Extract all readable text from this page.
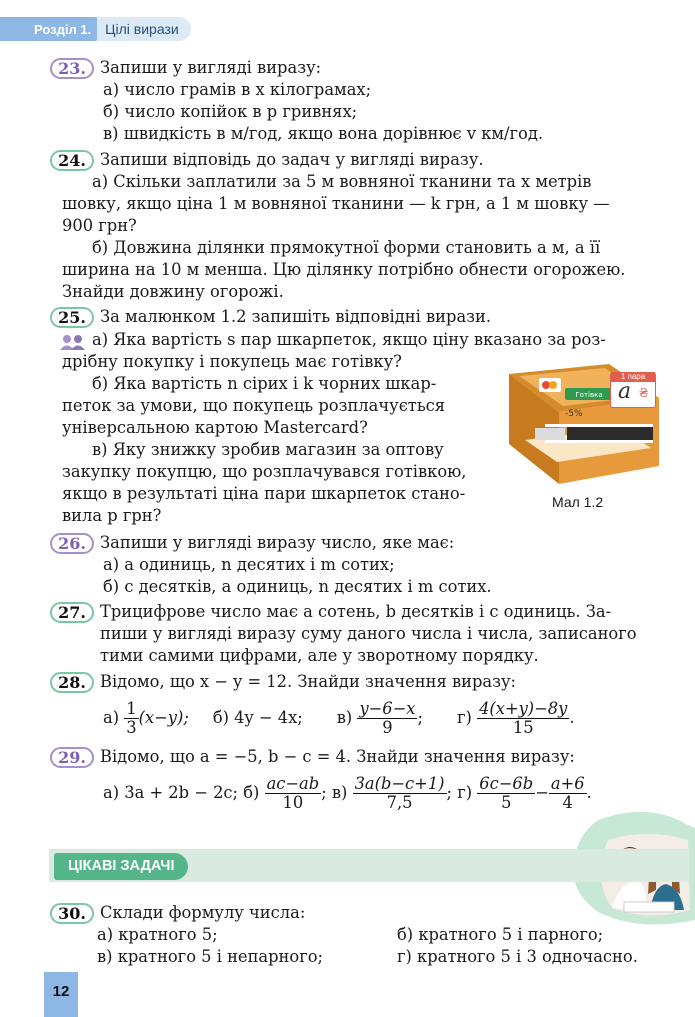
Розділ 1.	Цілі вирази
23. Запиши у вигляді виразу:
а) число грамів в x кілограмах;
б) число копійок в p гривнях;
в) швидкість в м/год, якщо вона дорівнює v км/год.
24. Запиши відповідь до задач у вигляді виразу.
а) Скільки заплатили за 5 м вовняної тканини та x метрів
шовку, якщо ціна 1 м вовняної тканини — k грн, а 1 м шовку —
900 грн?
б) Довжина ділянки прямокутної форми становить a м, а її
ширина на 10 м менша. Цю ділянку потрібно обнести огорожею.
Знайди довжину огорожі.
25. За малюнком 1.2 запишіть відповідні вирази.
а) Яка вартість s пар шкарпеток, якщо ціну вказано за роз-
дрібну покупку і покупець має готівку?
б) Яка вартість n сірих і k чорних шкар-
петок за умови, що покупець розплачується
універсальною картою Mastercard?
в) Яку знижку зробив магазин за оптову
закупку покупцю, що розплачувався готівкою,
якщо в результаті ціна пари шкарпеток стано-
вила p грн?
Готівка
-5%
1 пара
a ₴
Мал 1.2
26. Запиши у вигляді виразу число, яке має:
а) a одиниць, n десятих і m сотих;
б) c десятків, a одиниць, n десятих і m сотих.
27. Трицифрове число має a сотень, b десятків і c одиниць. За-
пиши у вигляді виразу суму даного числа і числа, записаного
тими самими цифрами, але у зворотному порядку.
28. Відомо, що x − y = 12. Знайди значення виразу:
а)
$\frac{1}{3} (x-y)$; б) 4y − 4x; в)
$\frac{y-6-x}{9}$ ; г)
$\frac{4(x+y)-8y}{15}$ .
29. Відомо, що a = −5, b − c = 4. Знайди значення виразу:
а) 3a + 2b − 2c;
б)
$\frac{ac-ab}{10}$ ;
в)
$\frac{3a(b-c+1)}{7,5}$ ;
г)
$\frac{6c-6b}{5} - \frac{a+6}{4}$ .
ЦІКАВІ ЗАДАЧІ
30. Склади формулу числа:
а) кратного 5;	б) кратного 5 і парного;
в) кратного 5 і непарного;	г) кратного 5 і 3 одночасно.
12
